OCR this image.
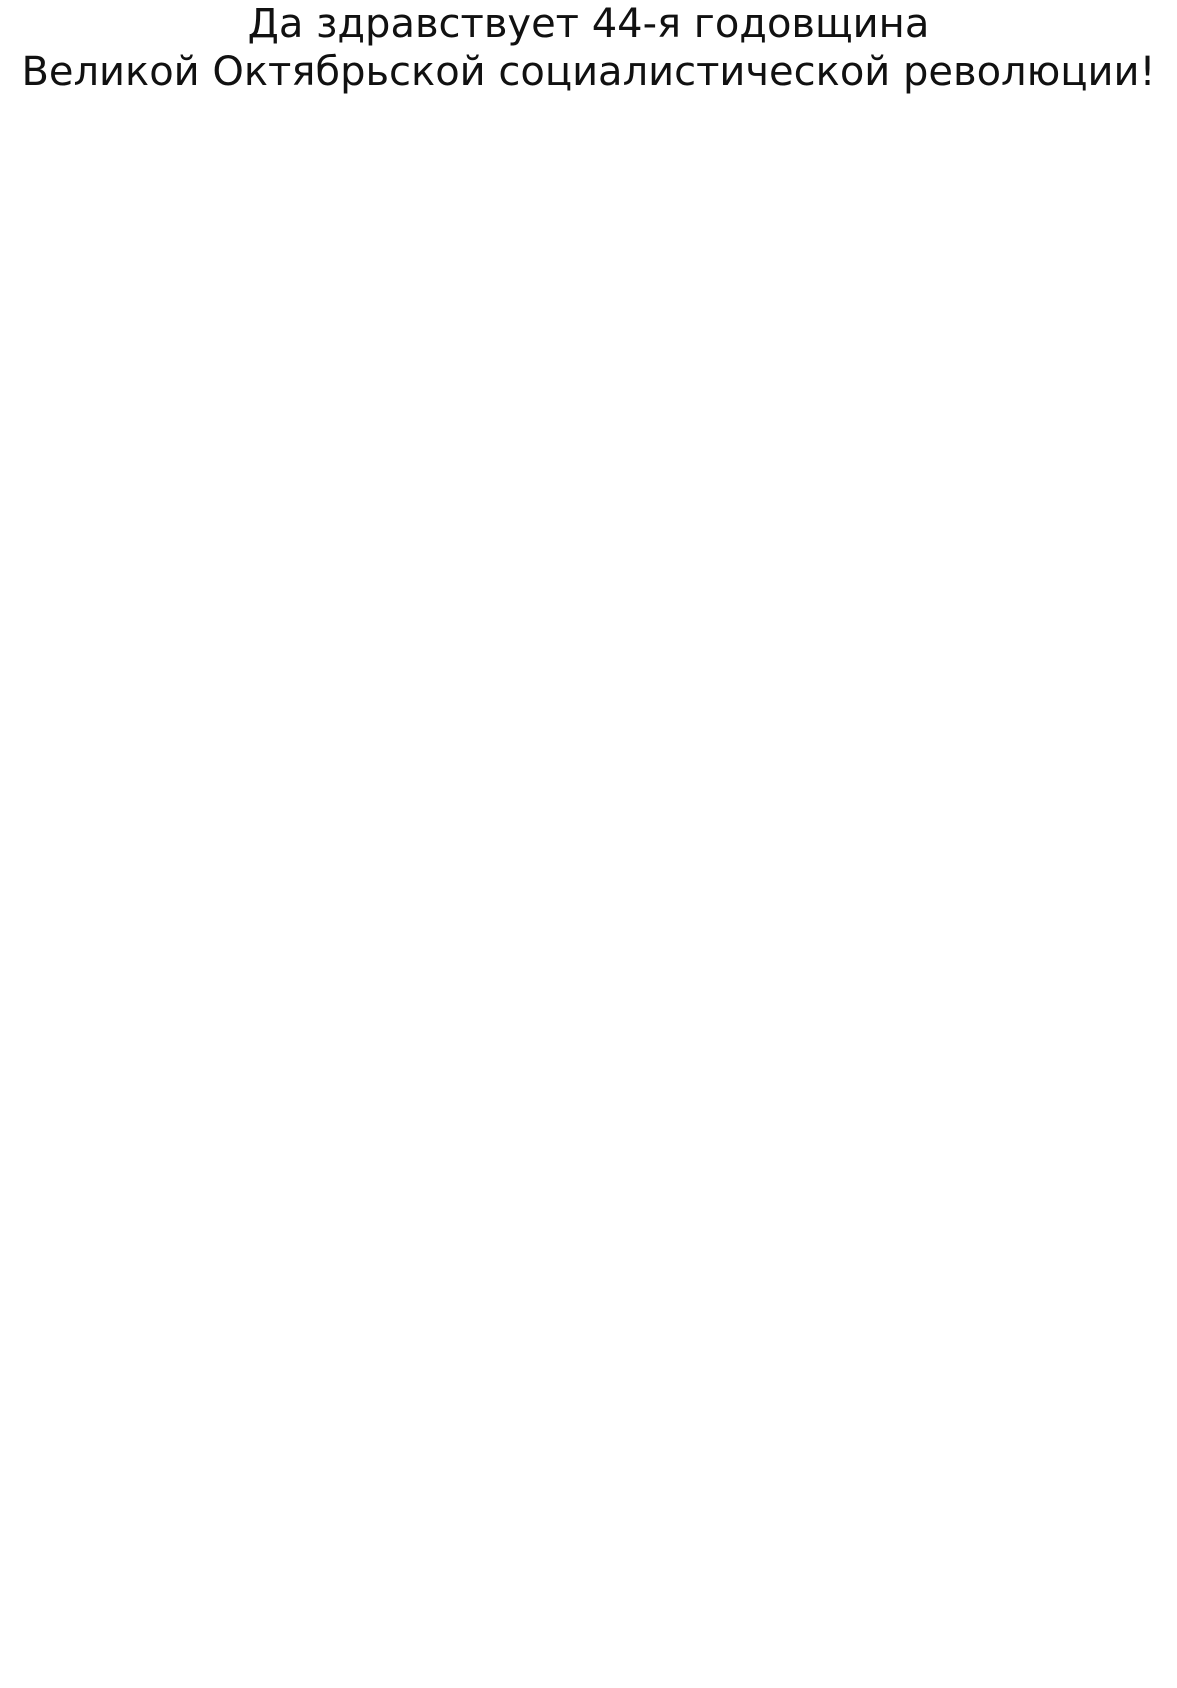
Да здравствует 44-я годовщина
Великой Октябрьской социалистической революции!
